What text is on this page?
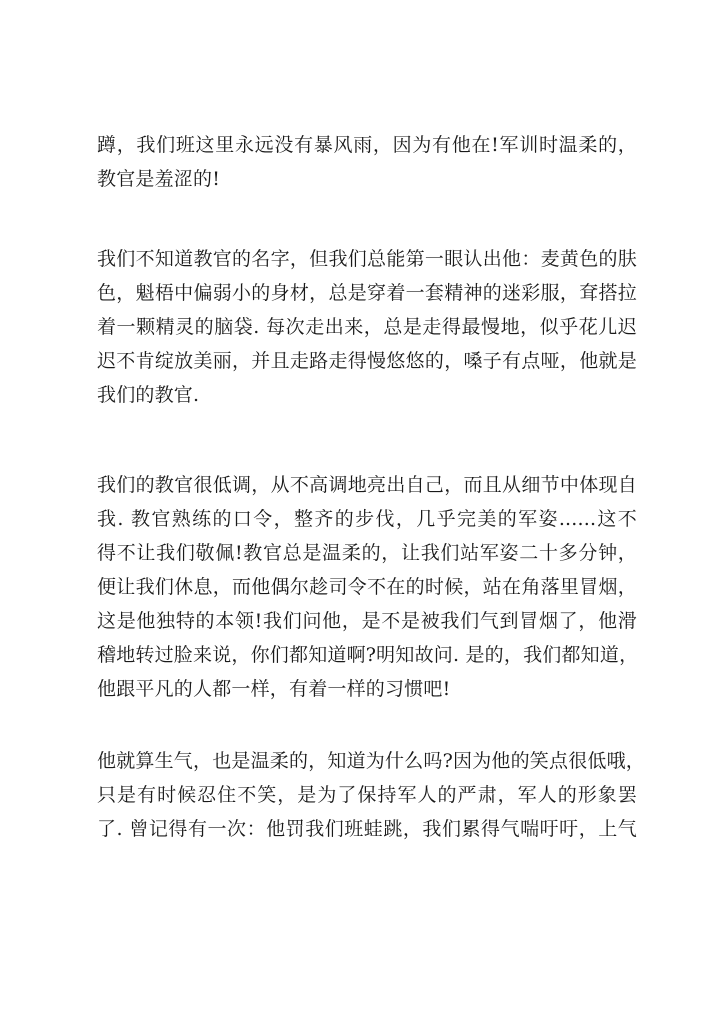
蹲，我们班这里永远没有暴风雨，因为有他在!军训时温柔的，
教官是羞涩的!
我们不知道教官的名字，但我们总能第一眼认出他：麦黄色的肤
色，魁梧中偏弱小的身材，总是穿着一套精神的迷彩服，耷搭拉
着一颗精灵的脑袋. 每次走出来，总是走得最慢地，似乎花儿迟
迟不肯绽放美丽，并且走路走得慢悠悠的，嗓子有点哑，他就是
我们的教官.
我们的教官很低调，从不高调地亮出自己，而且从细节中体现自
我. 教官熟练的口令，整齐的步伐，几乎完美的军姿......这不
得不让我们敬佩!教官总是温柔的，让我们站军姿二十多分钟，
便让我们休息，而他偶尔趁司令不在的时候，站在角落里冒烟，
这是他独特的本领!我们问他，是不是被我们气到冒烟了，他滑
稽地转过脸来说，你们都知道啊?明知故问. 是的，我们都知道，
他跟平凡的人都一样，有着一样的习惯吧!
他就算生气，也是温柔的，知道为什么吗?因为他的笑点很低哦，
只是有时候忍住不笑，是为了保持军人的严肃，军人的形象罢
了. 曾记得有一次：他罚我们班蛙跳，我们累得气喘吁吁，上气
